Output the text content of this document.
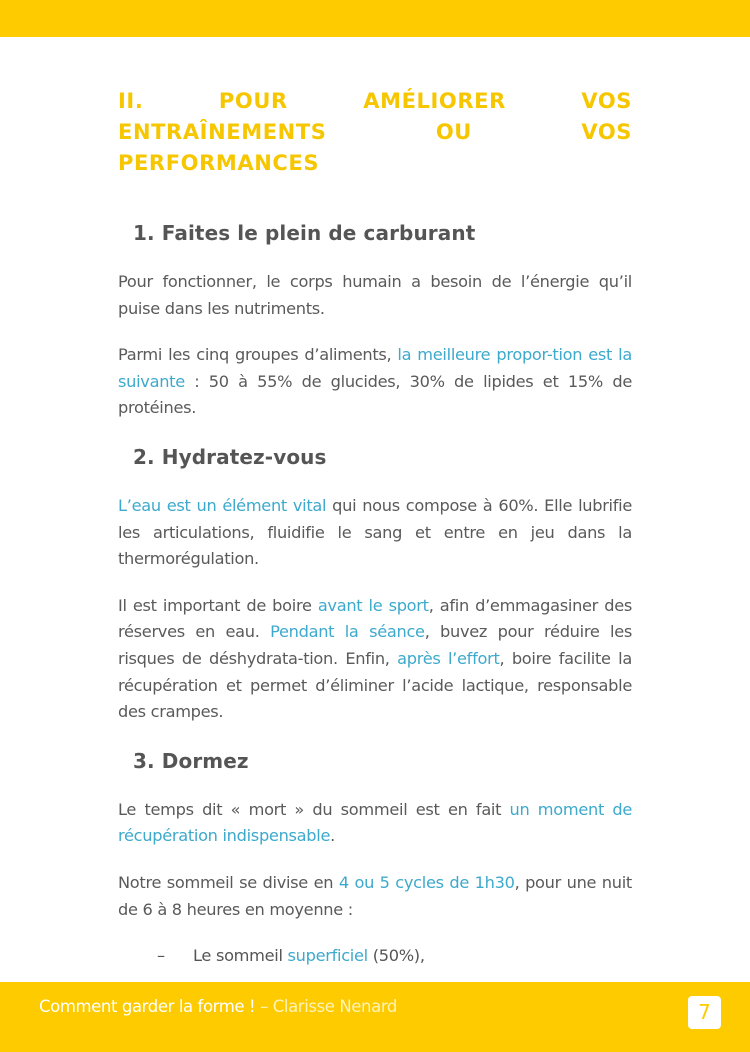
II. POUR AMÉLIORER VOS ENTRAÎNEMENTS OU VOS PERFORMANCES
1. Faites le plein de carburant

Pour fonctionner, le corps humain a besoin de l’énergie qu’il puise dans les nutriments.

Parmi les cinq groupes d’aliments, la meilleure propor-tion est la suivante : 50 à 55% de glucides, 30% de lipides et 15% de protéines.

2. Hydratez-vous

L’eau est un élément vital qui nous compose à 60%. Elle lubrifie les articulations, fluidifie le sang et entre en jeu dans la thermorégulation.

Il est important de boire avant le sport, afin d’emmagasiner des réserves en eau. Pendant la séance, buvez pour réduire les risques de déshydrata-tion. Enfin, après l’effort, boire facilite la récupération et permet d’éliminer l’acide lactique, responsable des crampes.

3. Dormez

Le temps dit « mort » du sommeil est en fait un moment de récupération indispensable.

Notre sommeil se divise en 4 ou 5 cycles de 1h30, pour une nuit de 6 à 8 heures en moyenne :

– Le sommeil superficiel (50%),
Comment garder la forme ! – Clarisse Nenard	7
